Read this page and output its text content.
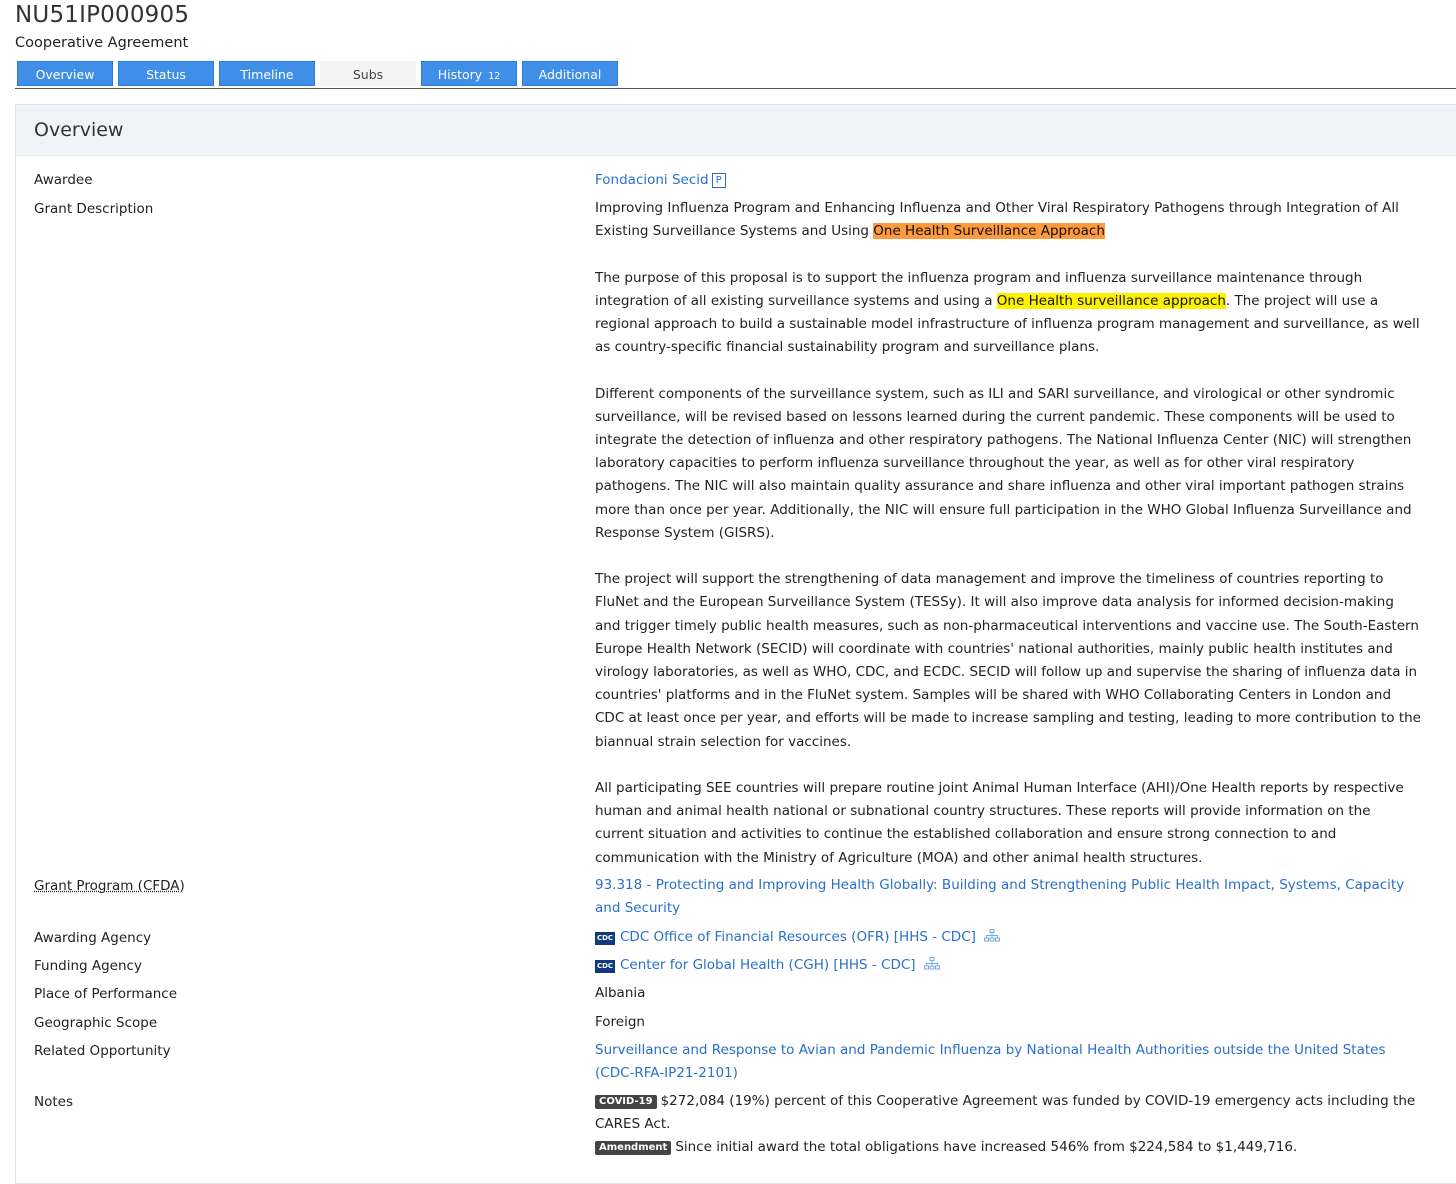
NU51IP000905
Cooperative Agreement
Overview	Status	Timeline	Subs	History 12	Additional
Overview
Awardee	Fondacioni Secid P
Grant Description	Improving Influenza Program and Enhancing Influenza and Other Viral Respiratory Pathogens through Integration of All Existing Surveillance Systems and Using One Health Surveillance Approach

The purpose of this proposal is to support the influenza program and influenza surveillance maintenance through integration of all existing surveillance systems and using a One Health surveillance approach. The project will use a regional approach to build a sustainable model infrastructure of influenza program management and surveillance, as well as country-specific financial sustainability program and surveillance plans.

Different components of the surveillance system, such as ILI and SARI surveillance, and virological or other syndromic surveillance, will be revised based on lessons learned during the current pandemic. These components will be used to integrate the detection of influenza and other respiratory pathogens. The National Influenza Center (NIC) will strengthen laboratory capacities to perform influenza surveillance throughout the year, as well as for other viral respiratory pathogens. The NIC will also maintain quality assurance and share influenza and other viral important pathogen strains more than once per year. Additionally, the NIC will ensure full participation in the WHO Global Influenza Surveillance and Response System (GISRS).

The project will support the strengthening of data management and improve the timeliness of countries reporting to FluNet and the European Surveillance System (TESSy). It will also improve data analysis for informed decision-making and trigger timely public health measures, such as non-pharmaceutical interventions and vaccine use. The South-Eastern Europe Health Network (SECID) will coordinate with countries' national authorities, mainly public health institutes and virology laboratories, as well as WHO, CDC, and ECDC. SECID will follow up and supervise the sharing of influenza data in countries' platforms and in the FluNet system. Samples will be shared with WHO Collaborating Centers in London and CDC at least once per year, and efforts will be made to increase sampling and testing, leading to more contribution to the biannual strain selection for vaccines.

All participating SEE countries will prepare routine joint Animal Human Interface (AHI)/One Health reports by respective human and animal health national or subnational country structures. These reports will provide information on the current situation and activities to continue the established collaboration and ensure strong connection to and communication with the Ministry of Agriculture (MOA) and other animal health structures.

Grant Program (CFDA)	93.318 - Protecting and Improving Health Globally: Building and Strengthening Public Health Impact, Systems, Capacity and Security
Awarding Agency	CDC CDC Office of Financial Resources (OFR) [HHS - CDC]
Funding Agency	CDC Center for Global Health (CGH) [HHS - CDC]
Place of Performance	Albania
Geographic Scope	Foreign
Related Opportunity	Surveillance and Response to Avian and Pandemic Influenza by National Health Authorities outside the United States (CDC-RFA-IP21-2101)
Notes	COVID-19 $272,084 (19%) percent of this Cooperative Agreement was funded by COVID-19 emergency acts including the CARES Act.
Amendment Since initial award the total obligations have increased 546% from $224,584 to $1,449,716.
